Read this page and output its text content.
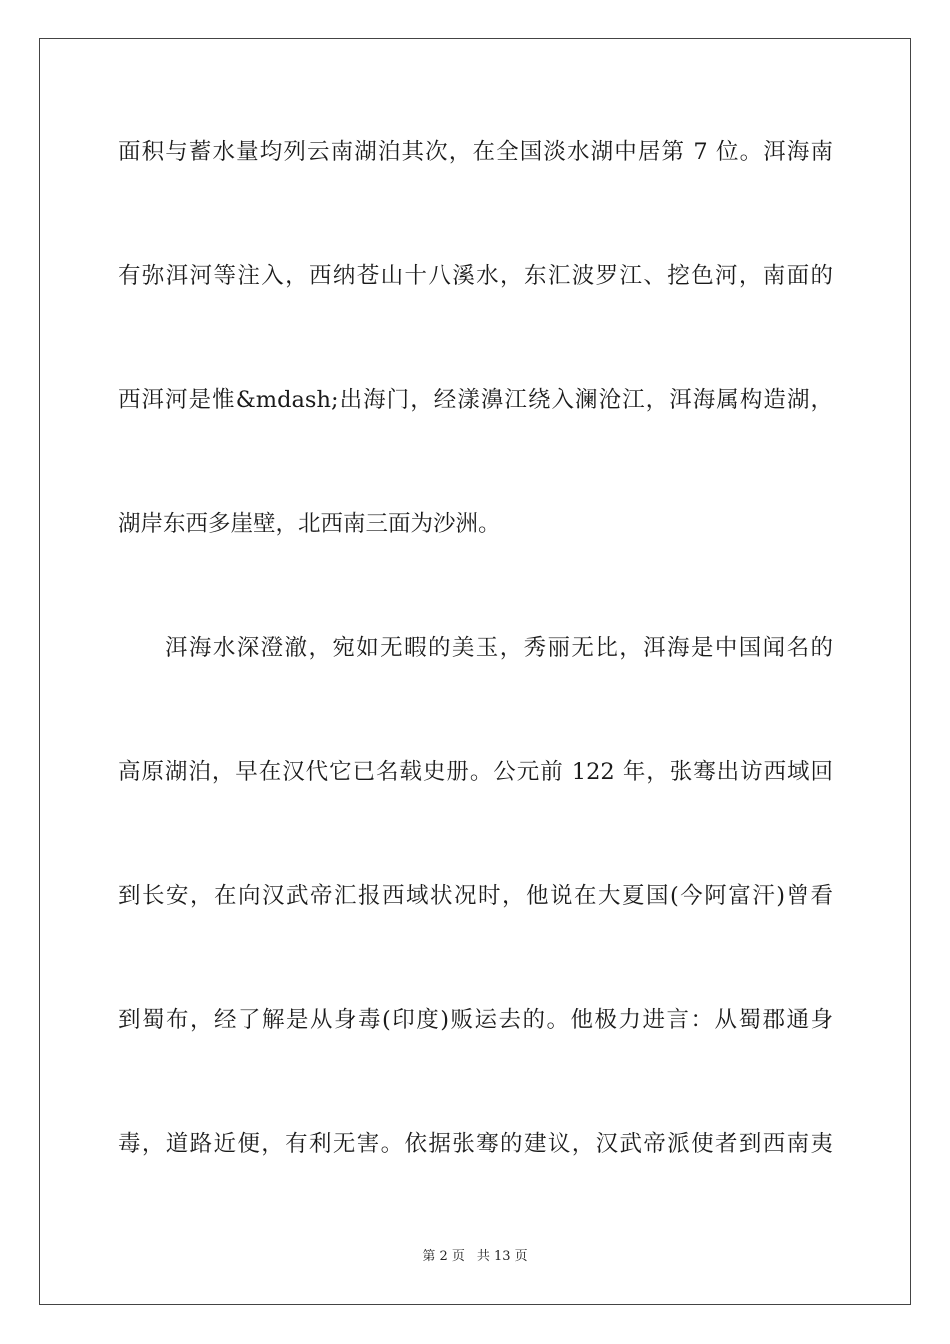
面积与蓄水量均列云南湖泊其次，在全国淡水湖中居第 7 位。洱海南
有弥洱河等注入，西纳苍山十八溪水，东汇波罗江、挖色河，南面的
西洱河是惟&mdash;出海门，经漾濞江绕入澜沧江，洱海属构造湖，
湖岸东西多崖壁，北西南三面为沙洲。
洱海水深澄澈，宛如无暇的美玉，秀丽无比，洱海是中国闻名的
高原湖泊，早在汉代它已名载史册。公元前 122 年，张骞出访西域回
到长安，在向汉武帝汇报西域状况时，他说在大夏国(今阿富汗)曾看
到蜀布，经了解是从身毒(印度)贩运去的。他极力进言：从蜀郡通身
毒，道路近便，有利无害。依据张骞的建议，汉武帝派使者到西南夷
第 2 页 共 13 页
